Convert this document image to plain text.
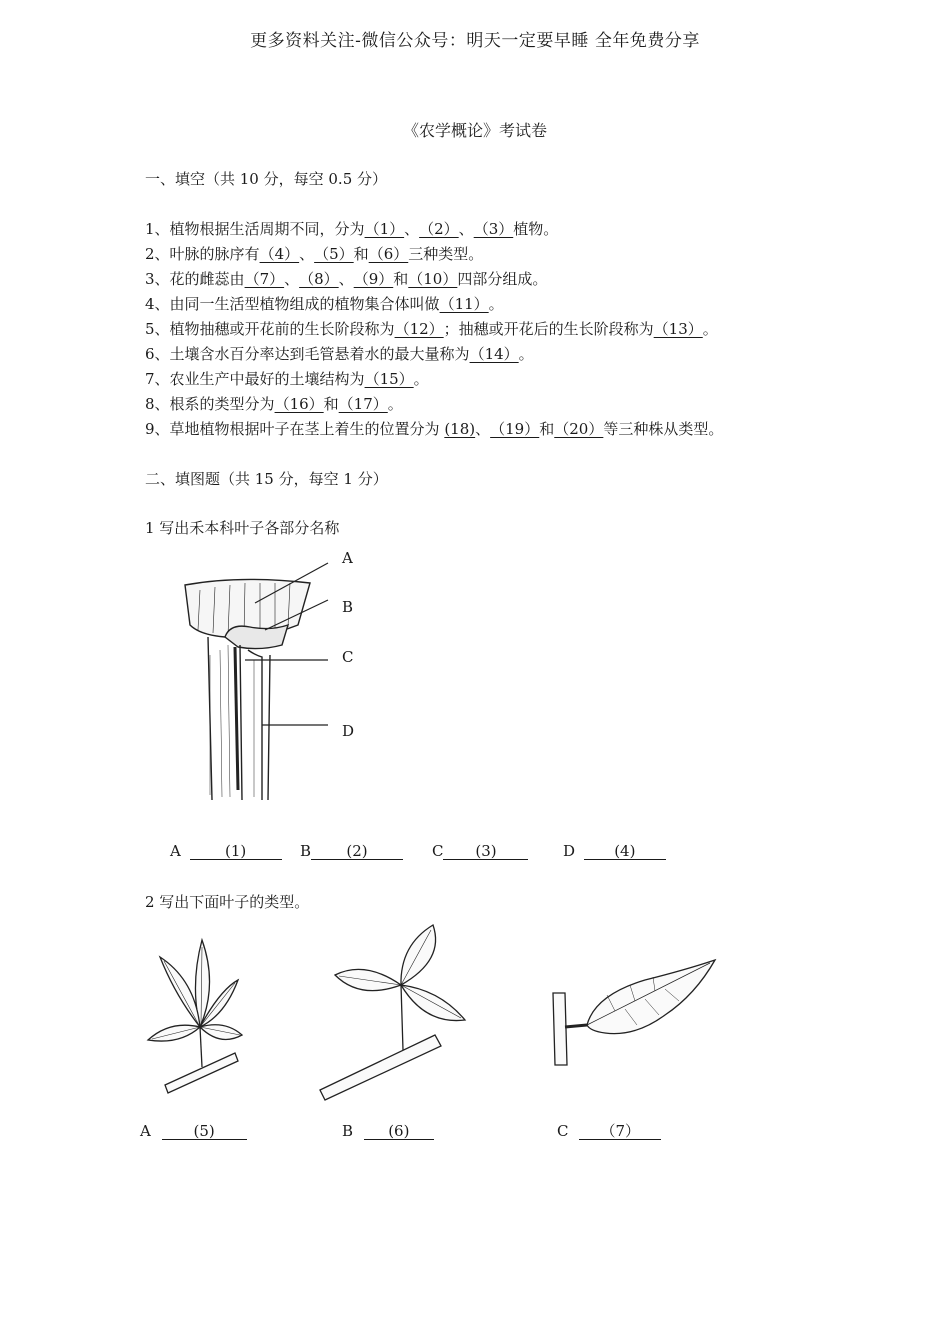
更多资料关注-微信公众号：明天一定要早睡 全年免费分享
《农学概论》考试卷
一、填空（共 10 分，每空 0.5 分）
1、植物根据生活周期不同，分为（1）、（2）、（3）植物。
2、叶脉的脉序有（4）、（5）和（6）三种类型。
3、花的雌蕊由（7）、（8）、（9）和（10）四部分组成。
4、由同一生活型植物组成的植物集合体叫做（11）。
5、植物抽穗或开花前的生长阶段称为（12）；抽穗或开花后的生长阶段称为（13）。
6、土壤含水百分率达到毛管悬着水的最大量称为（14）。
7、农业生产中最好的土壤结构为（15）。
8、根系的类型分为（16）和（17）。
9、草地植物根据叶子在茎上着生的位置分为 (18)、（19）和（20）等三种株从类型。
二、填图题（共 15 分，每空 1 分）
1 写出禾本科叶子各部分名称
A
B
C
D
A	(1)	B (2)	C (3)	D	(4)
2 写出下面叶子的类型。
A	(5)	B (6)	C （7）
